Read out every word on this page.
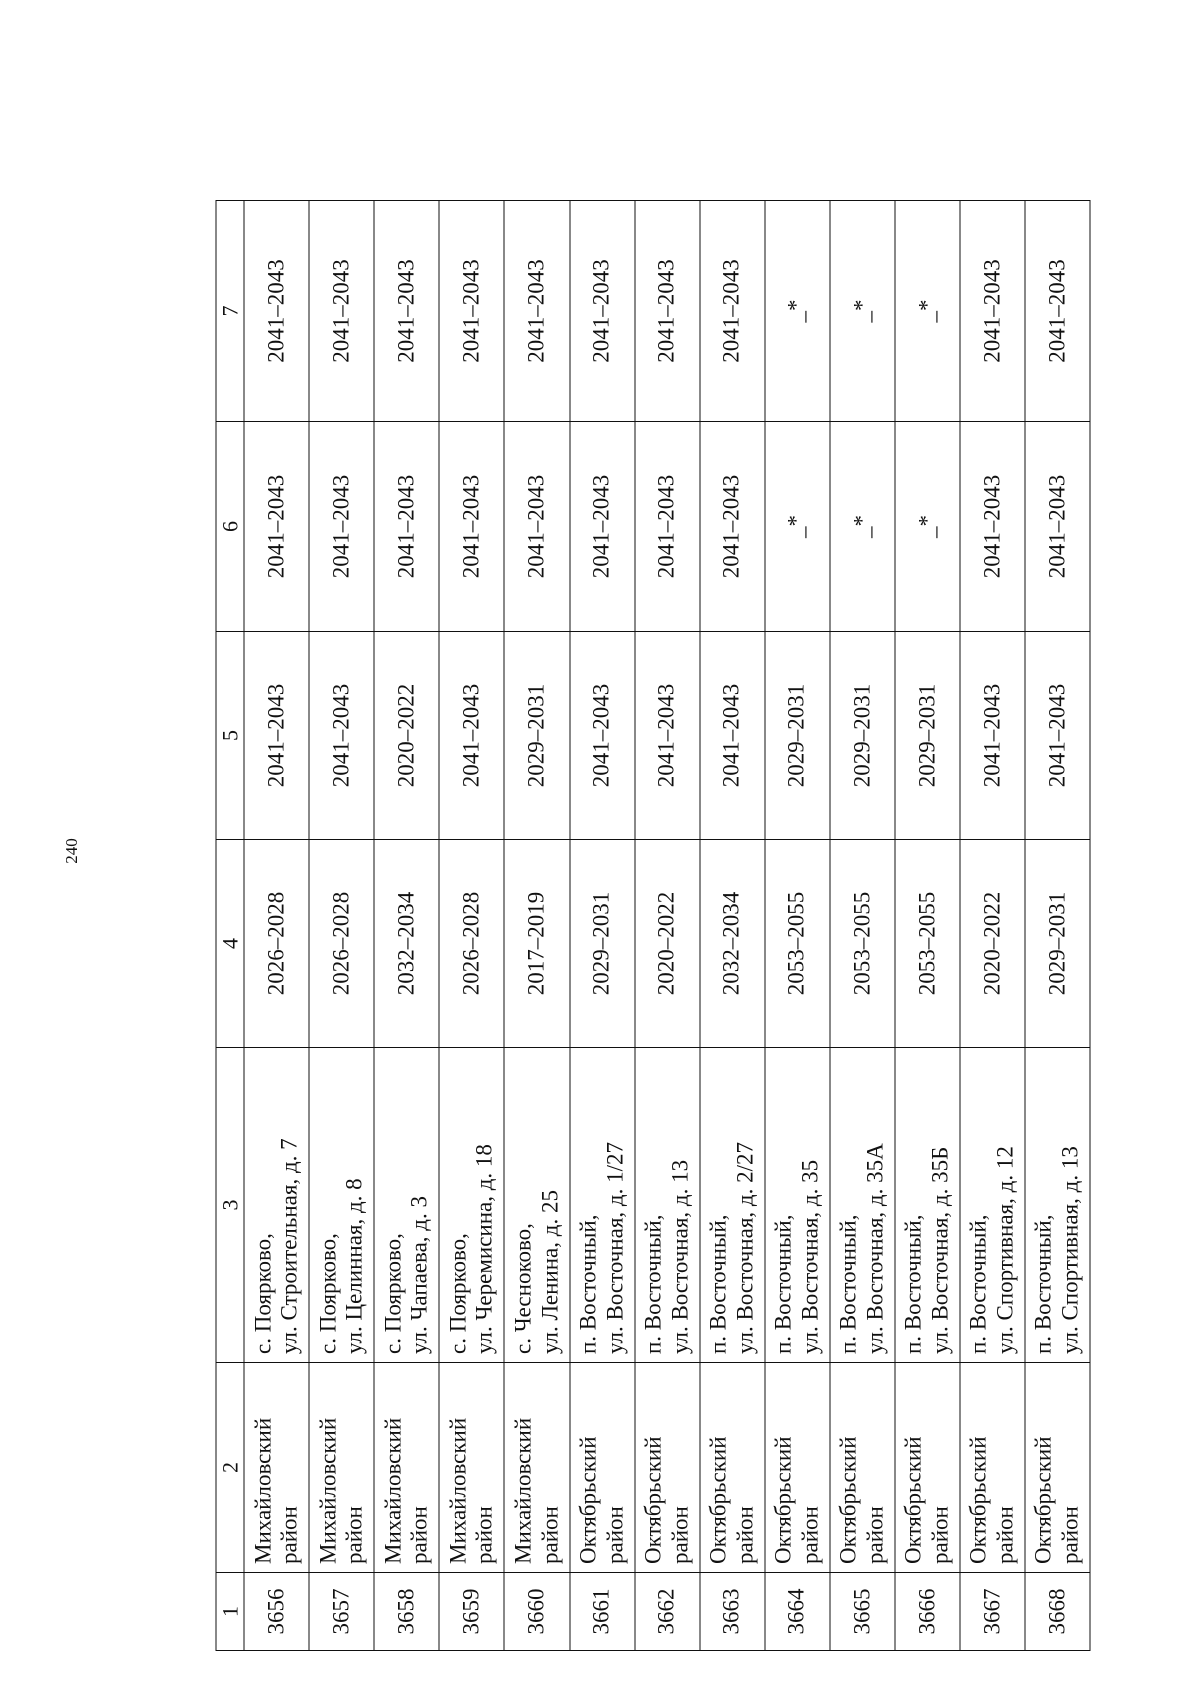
240
1	2	3	4	5	6	7
3656	Михайловский район	с. Поярково, ул. Строительная, д. 7	2026–2028	2041–2043	2041–2043	2041–2043
3657	Михайловский район	с. Поярково, ул. Целинная, д. 8	2026–2028	2041–2043	2041–2043	2041–2043
3658	Михайловский район	с. Поярково, ул. Чапаева, д. 3	2032–2034	2020–2022	2041–2043	2041–2043
3659	Михайловский район	с. Поярково, ул. Черемисина, д. 18	2026–2028	2041–2043	2041–2043	2041–2043
3660	Михайловский район	с. Чесноково, ул. Ленина, д. 25	2017–2019	2029–2031	2041–2043	2041–2043
3661	Октябрьский район	п. Восточный, ул. Восточная, д. 1/27	2029–2031	2041–2043	2041–2043	2041–2043
3662	Октябрьский район	п. Восточный, ул. Восточная, д. 13	2020–2022	2041–2043	2041–2043	2041–2043
3663	Октябрьский район	п. Восточный, ул. Восточная, д. 2/27	2032–2034	2041–2043	2041–2043	2041–2043
3664	Октябрьский район	п. Восточный, ул. Восточная, д. 35	2053–2055	2029–2031	_*	_*
3665	Октябрьский район	п. Восточный, ул. Восточная, д. 35А	2053–2055	2029–2031	_*	_*
3666	Октябрьский район	п. Восточный, ул. Восточная, д. 35Б	2053–2055	2029–2031	_*	_*
3667	Октябрьский район	п. Восточный, ул. Спортивная, д. 12	2020–2022	2041–2043	2041–2043	2041–2043
3668	Октябрьский район	п. Восточный, ул. Спортивная, д. 13	2029–2031	2041–2043	2041–2043	2041–2043
